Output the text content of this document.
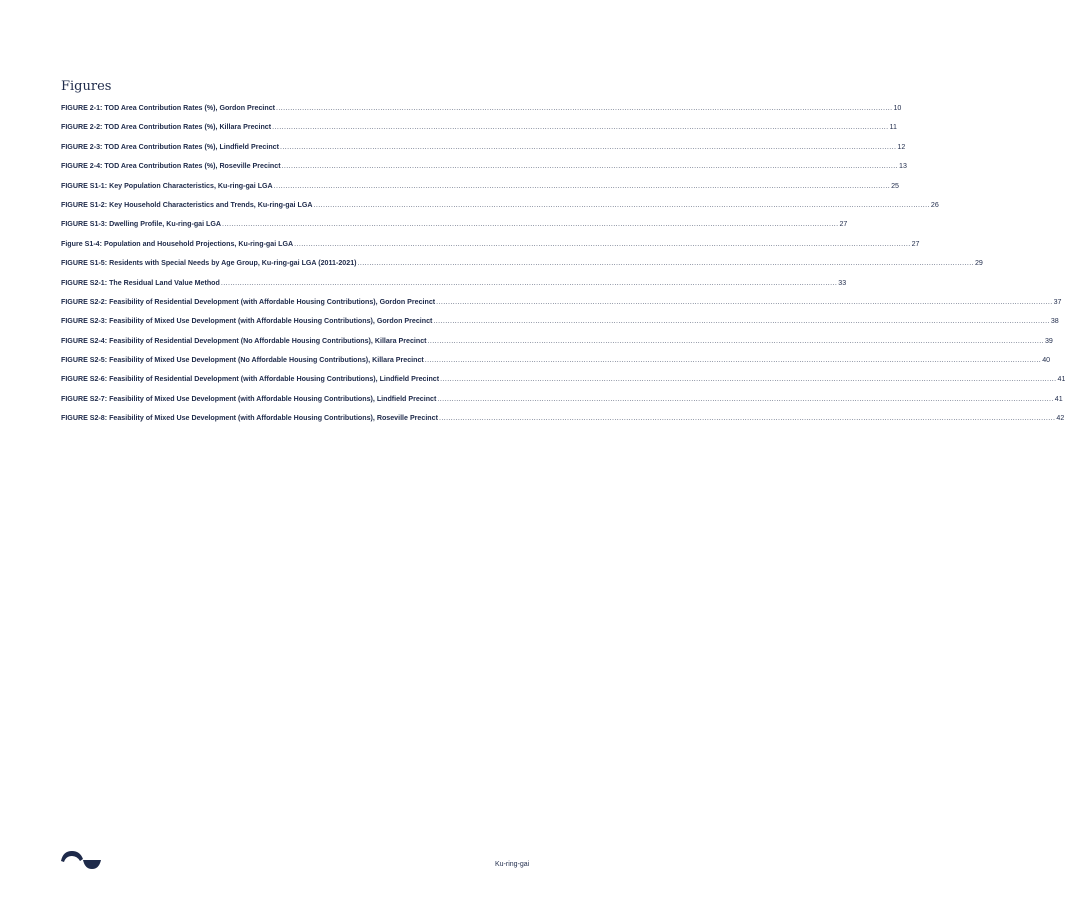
Figures
FIGURE 2-1: TOD Area Contribution Rates (%), Gordon Precinct .................................................................................................................................................................................................................................................................... 10
FIGURE 2-2: TOD Area Contribution Rates (%), Killara Precinct .................................................................................................................................................................................................................................................................... 11
FIGURE 2-3: TOD Area Contribution Rates (%), Lindfield Precinct .................................................................................................................................................................................................................................................................... 12
FIGURE 2-4: TOD Area Contribution Rates (%), Roseville Precinct .................................................................................................................................................................................................................................................................... 13
FIGURE S1-1: Key Population Characteristics, Ku-ring-gai LGA .................................................................................................................................................................................................................................................................... 25
FIGURE S1-2: Key Household Characteristics and Trends, Ku-ring-gai LGA .................................................................................................................................................................................................................................................................... 26
FIGURE S1-3: Dwelling Profile, Ku-ring-gai LGA .................................................................................................................................................................................................................................................................... 27
Figure S1-4: Population and Household Projections, Ku-ring-gai LGA .................................................................................................................................................................................................................................................................... 27
FIGURE S1-5: Residents with Special Needs by Age Group, Ku-ring-gai LGA (2011-2021) .................................................................................................................................................................................................................................................................... 29
FIGURE S2-1: The Residual Land Value Method .................................................................................................................................................................................................................................................................... 33
FIGURE S2-2: Feasibility of Residential Development (with Affordable Housing Contributions), Gordon Precinct .................................................................................................................................................................................................................................................................... 37
FIGURE S2-3: Feasibility of Mixed Use Development (with Affordable Housing Contributions), Gordon Precinct .................................................................................................................................................................................................................................................................... 38
FIGURE S2-4: Feasibility of Residential Development (No Affordable Housing Contributions), Killara Precinct .................................................................................................................................................................................................................................................................... 39
FIGURE S2-5: Feasibility of Mixed Use Development (No Affordable Housing Contributions), Killara Precinct .................................................................................................................................................................................................................................................................... 40
FIGURE S2-6: Feasibility of Residential Development (with Affordable Housing Contributions), Lindfield Precinct .................................................................................................................................................................................................................................................................... 41
FIGURE S2-7: Feasibility of Mixed Use Development (with Affordable Housing Contributions), Lindfield Precinct .................................................................................................................................................................................................................................................................... 41
FIGURE S2-8: Feasibility of Mixed Use Development (with Affordable Housing Contributions), Roseville Precinct .................................................................................................................................................................................................................................................................... 42
Ku-ring-gai
